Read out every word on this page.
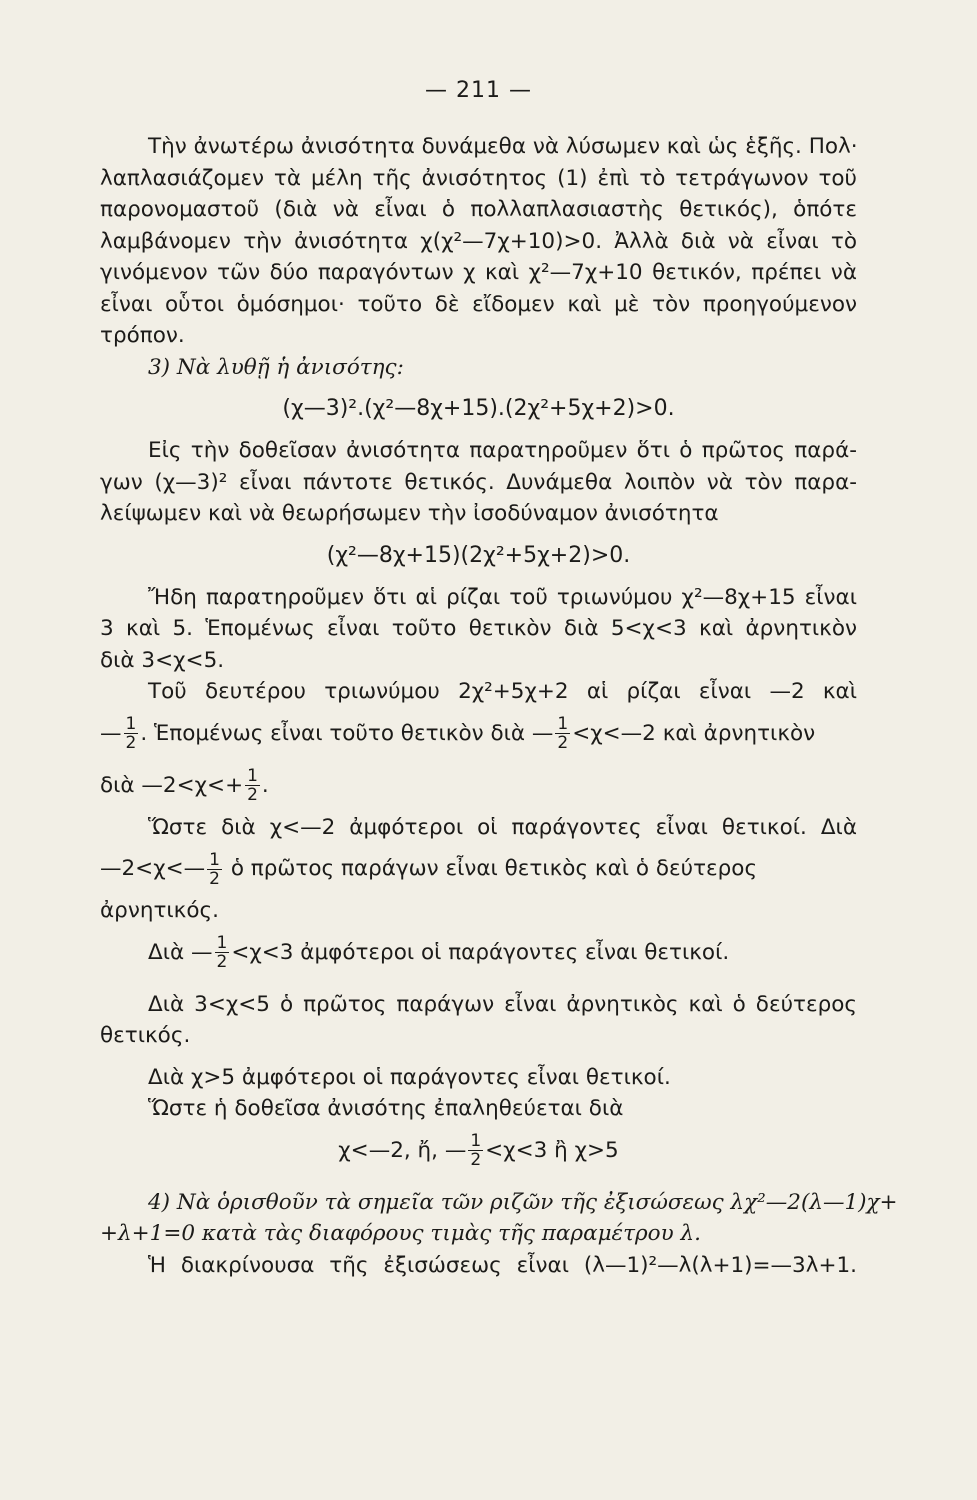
— 211 —
Τὴν ἀνωτέρω ἀνισότητα δυνάμεθα νὰ λύσωμεν καὶ ὡς ἑξῆς. Πολ·
λαπλασιάζομεν τὰ μέλη τῆς ἀνισότητος (1) ἐπὶ τὸ τετράγωνον τοῦ
παρονομαστοῦ (διὰ νὰ εἶναι ὁ πολλαπλασιαστὴς θετικός), ὁπότε
λαμβάνομεν τὴν ἀνισότητα χ(χ²—7χ+10)>0. Ἀλλὰ διὰ νὰ εἶναι τὸ
γινόμενον τῶν δύο παραγόντων χ καὶ χ²—7χ+10 θετικόν, πρέπει νὰ
εἶναι οὗτοι ὁμόσημοι· τοῦτο δὲ εἴδομεν καὶ μὲ τὸν προηγούμενον
τρόπον.
3) Νὰ λυθῇ ἡ ἀνισότης:
(χ—3)².(χ²—8χ+15).(2χ²+5χ+2)>0.
Εἰς τὴν δοθεῖσαν ἀνισότητα παρατηροῦμεν ὅτι ὁ πρῶτος παρά-
γων (χ—3)² εἶναι πάντοτε θετικός. Δυνάμεθα λοιπὸν νὰ τὸν παρα-
λείψωμεν καὶ νὰ θεωρήσωμεν τὴν ἰσοδύναμον ἀνισότητα
(χ²—8χ+15)(2χ²+5χ+2)>0.
Ἤδη παρατηροῦμεν ὅτι αἱ ρίζαι τοῦ τριωνύμου χ²—8χ+15 εἶναι
3 καὶ 5. Ἑπομένως εἶναι τοῦτο θετικὸν διὰ 5<χ<3 καὶ ἀρνητικὸν
διὰ 3<χ<5.
Τοῦ δευτέρου τριωνύμου 2χ²+5χ+2 αἱ ρίζαι εἶναι —2 καὶ
— $\frac{1}{2}$ . Ἑπομένως εἶναι τοῦτο θετικὸν διὰ — $\frac{1}{2}$ <χ<—2 καὶ ἀρνητικὸν
διὰ —2<χ<+ $\frac{1}{2}$ .
Ὥστε διὰ χ<—2 ἀμφότεροι οἱ παράγοντες εἶναι θετικοί. Διὰ
—2<χ<— $\frac{1}{2}$ ὁ πρῶτος παράγων εἶναι θετικὸς καὶ ὁ δεύτερος
ἀρνητικός.
Διὰ — $\frac{1}{2} <\chi<3$ ἀμφότεροι οἱ παράγοντες εἶναι θετικοί.
Διὰ 3<χ<5 ὁ πρῶτος παράγων εἶναι ἀρνητικὸς καὶ ὁ δεύτερος
θετικός.
Διὰ χ>5 ἀμφότεροι οἱ παράγοντες εἶναι θετικοί.
Ὥστε ἡ δοθεῖσα ἀνισότης ἐπαληθεύεται διὰ
χ<—2, ἤ, — $\frac{1}{2} <\chi<3$ ἢ χ>5
4) Νὰ ὁρισθοῦν τὰ σημεῖα τῶν ριζῶν τῆς ἐξισώσεως λχ²—2(λ—1)χ+
+λ+1=0 κατὰ τὰς διαφόρους τιμὰς τῆς παραμέτρου λ.
Ἡ διακρίνουσα τῆς ἐξισώσεως εἶναι (λ—1)²—λ(λ+1)=—3λ+1.
